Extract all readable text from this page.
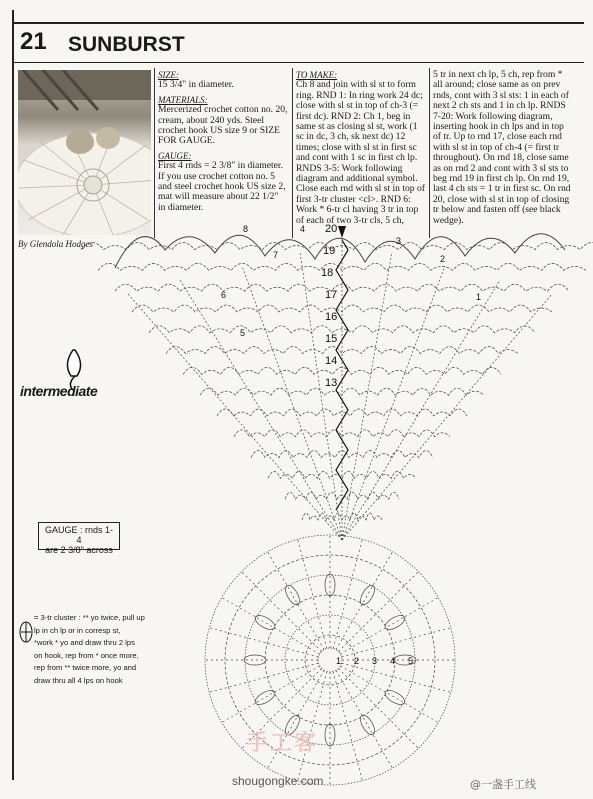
21 SUNBURST
By Glendola Hodges

SIZE:

15 3/4" in diameter.

MATERIALS:

Mercerized crochet cotton no. 20, cream, about 240 yds. Steel crochet hook US size 9 or SIZE FOR GAUGE.

GAUGE:

First 4 rnds = 2 3/8" in diameter. If you use crochet cotton no. 5 and steel crochet hook US size 2, mat will measure about 22 1/2" in diameter.

TO MAKE:

Ch 8 and join with sl st to form ring. RND 1: In ring work 24 dc; close with sl st in top of ch-3 (= first dc). RND 2: Ch 1, beg in same st as closing sl st, work (1 sc in dc, 3 ch, sk next dc) 12 times; close with sl st in first sc and cont with 1 sc in first ch lp. RNDS 3-5: Work following diagram and additional symbol. Close each rnd with sl st in top of first 3-tr cluster <cl>. RND 6: Work * 6-tr cl having 3 tr in top of each of two 3-tr cls, 5 ch,

5 tr in next ch lp, 5 ch, rep from * all around; close same as on prev rnds, cont with 3 sl sts: 1 in each of next 2 ch sts and 1 in ch lp. RNDS 7-20: Work following diagram, inserting hook in ch lps and in top of tr. Up to rnd 17, close each rnd with sl st in top of ch-4 (= first tr throughout). On rnd 18, close same as on rnd 2 and cont with 3 sl sts to beg rnd 19 in first ch lp. On rnd 19, last 4 ch sts = 1 tr in first sc. On rnd 20, close with sl st in top of closing tr below and fasten off (see black wedge).

intermediate
GAUGE : rnds 1-4
are 2 3/8" across
= 3-tr cluster : ** yo twice, pull up
lp in ch lp or in corresp st,
*work * yo and draw thru 2 lps
on hook, rep from * once more,
rep from ** twice more, yo and
draw thru all 4 lps on hook
20
19
18
17
16
15
14
13
8
7
6
5
4
3
2
1
1 2 3 4 5
手工客
shougongke.com	@一盏手工线
